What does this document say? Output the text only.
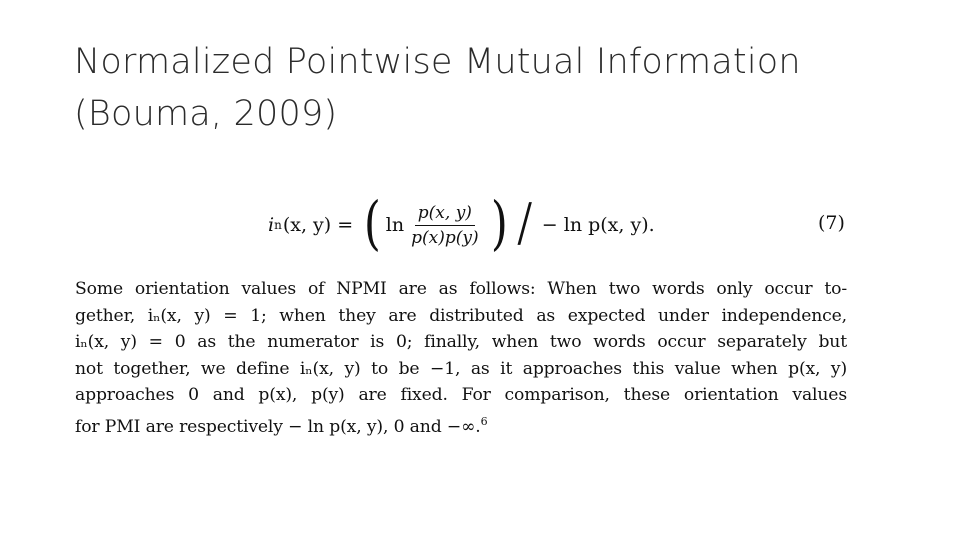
Normalized Pointwise Mutual Information
(Bouma, 2009)
i n (x, y) = ( $\ln \frac{p(x, y)}{p(x)p(y)}$ ) / − ln p(x, y).	(7)
Some orientation values of NPMI are as follows: When two words only occur to-
gether, iₙ(x, y) = 1; when they are distributed as expected under independence,
iₙ(x, y) = 0 as the numerator is 0; finally, when two words occur separately but
not together, we define iₙ(x, y) to be −1, as it approaches this value when p(x, y)
approaches 0 and p(x), p(y) are fixed. For comparison, these orientation values
for PMI are respectively − ln p(x, y), 0 and −∞.$^6$
